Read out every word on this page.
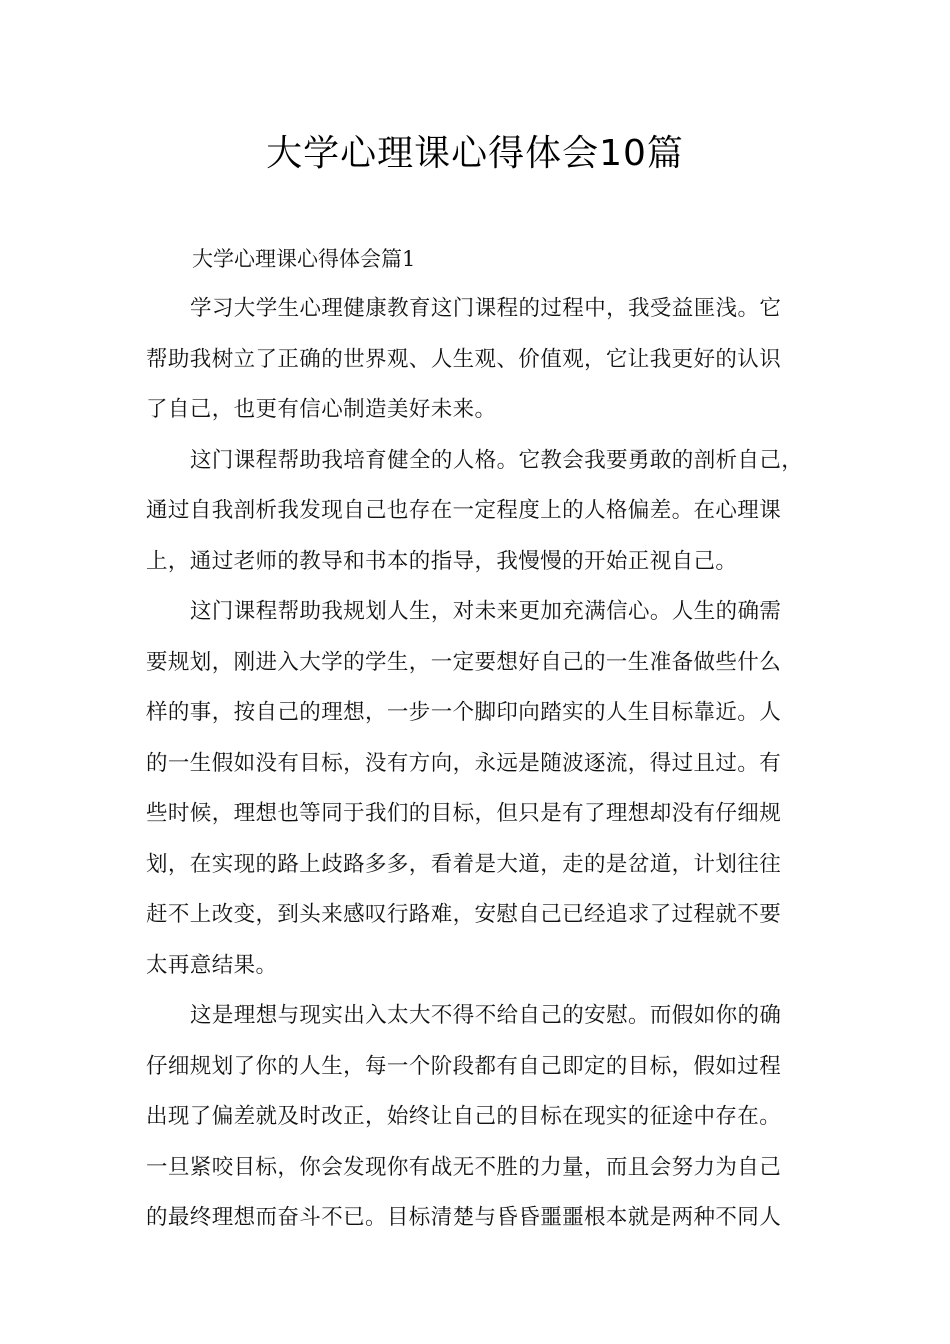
大学心理课心得体会10篇

大学心理课心得体会篇1

学习大学生心理健康教育这门课程的过程中，我受益匪浅。它
帮助我树立了正确的世界观、人生观、价值观，它让我更好的认识
了自己，也更有信心制造美好未来。
这门课程帮助我培育健全的人格。它教会我要勇敢的剖析自己，
通过自我剖析我发现自己也存在一定程度上的人格偏差。在心理课
上，通过老师的教导和书本的指导，我慢慢的开始正视自己。
这门课程帮助我规划人生，对未来更加充满信心。人生的确需
要规划，刚进入大学的学生，一定要想好自己的一生准备做些什么
样的事，按自己的理想，一步一个脚印向踏实的人生目标靠近。人
的一生假如没有目标，没有方向，永远是随波逐流，得过且过。有
些时候，理想也等同于我们的目标，但只是有了理想却没有仔细规
划，在实现的路上歧路多多，看着是大道，走的是岔道，计划往往
赶不上改变，到头来感叹行路难，安慰自己已经追求了过程就不要
太再意结果。
这是理想与现实出入太大不得不给自己的安慰。而假如你的确
仔细规划了你的人生，每一个阶段都有自己即定的目标，假如过程
出现了偏差就及时改正，始终让自己的目标在现实的征途中存在。
一旦紧咬目标，你会发现你有战无不胜的力量，而且会努力为自己
的最终理想而奋斗不已。目标清楚与昏昏噩噩根本就是两种不同人
